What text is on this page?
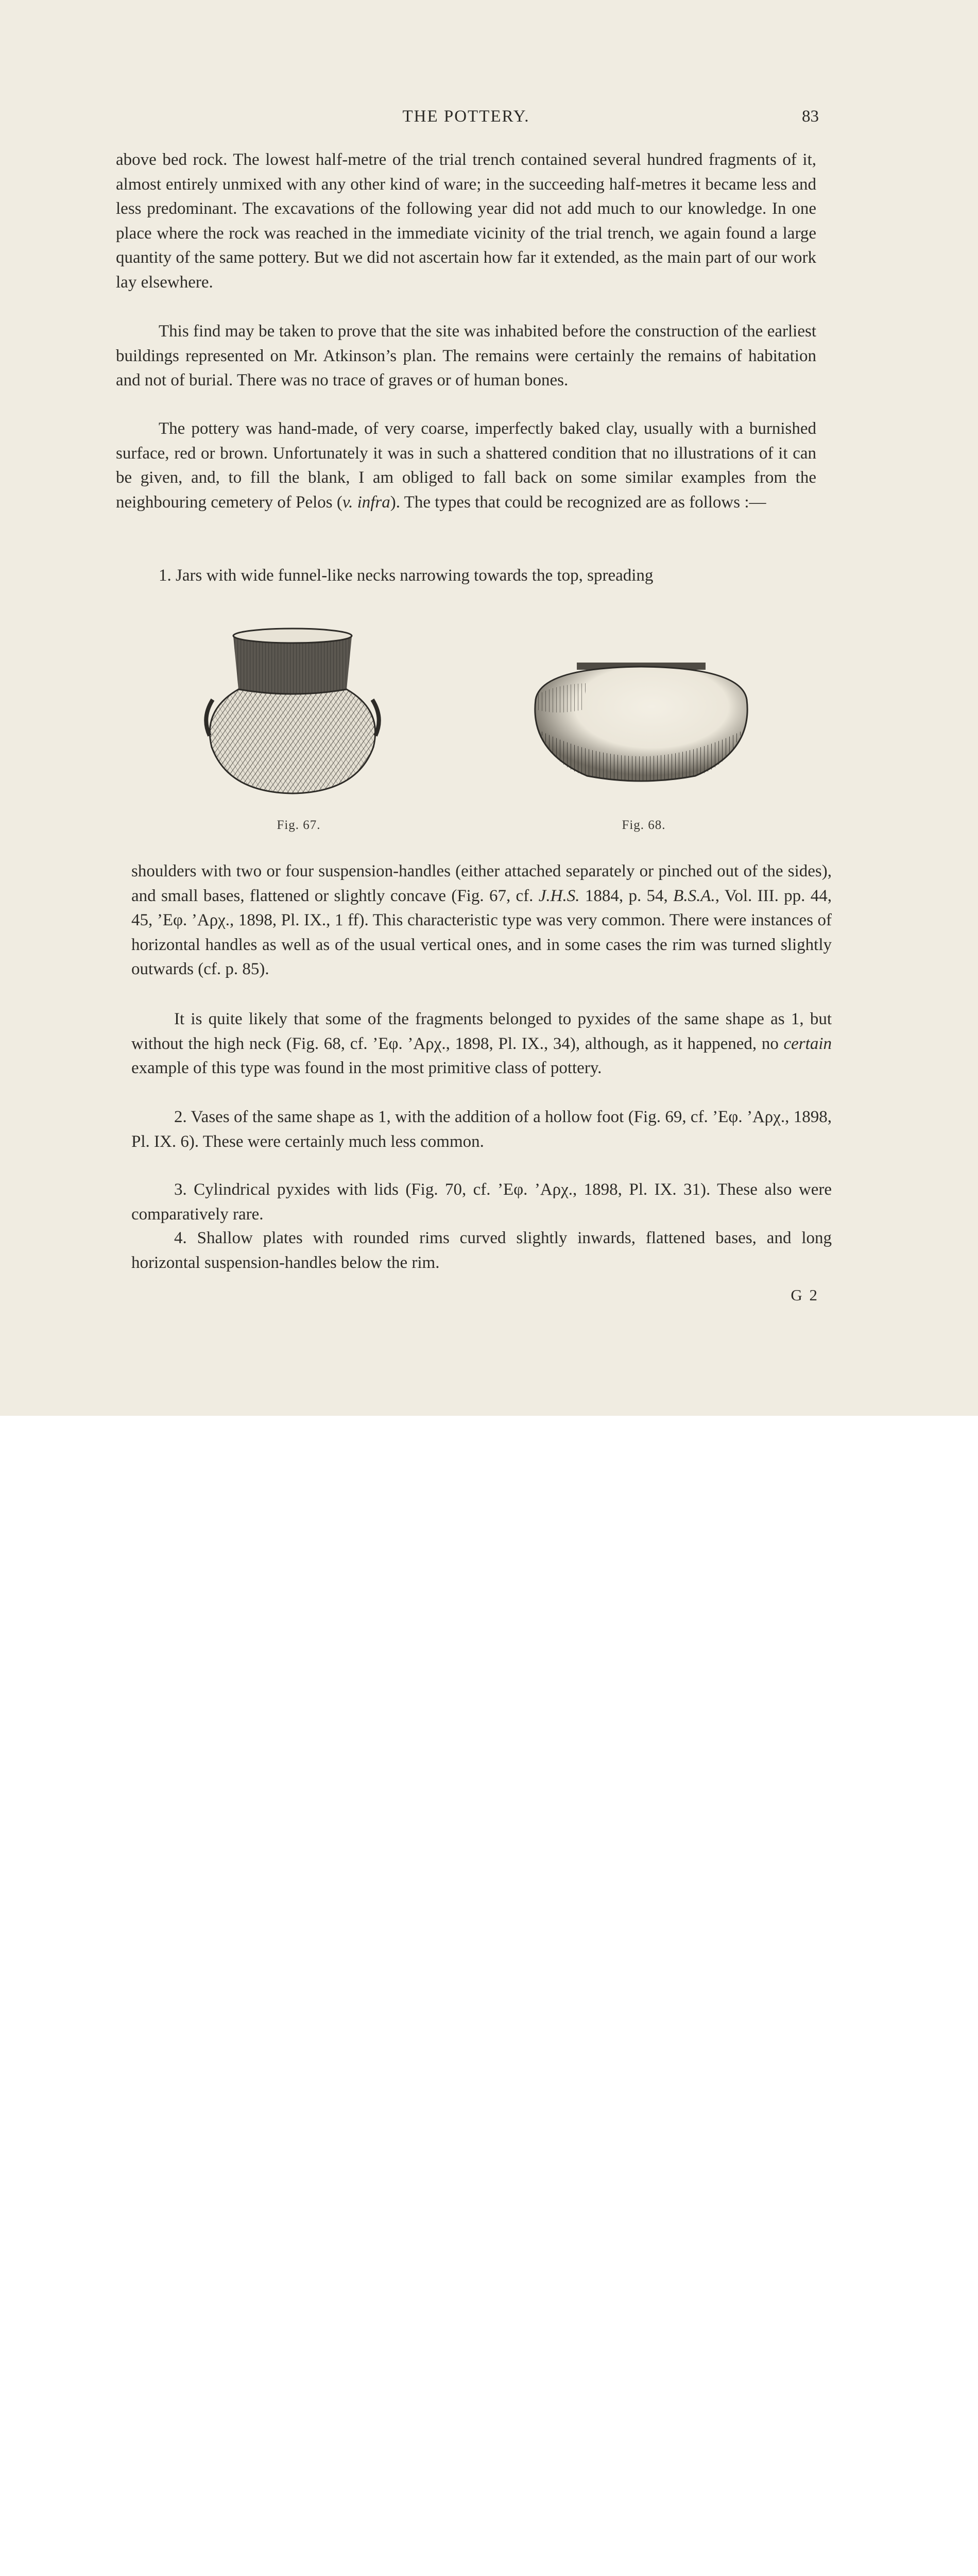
THE POTTERY.	83

above bed rock. The lowest half-metre of the trial trench contained several hundred fragments of it, almost entirely unmixed with any other kind of ware; in the succeeding half-metres it became less and less predominant. The excavations of the following year did not add much to our knowledge. In one place where the rock was reached in the immediate vicinity of the trial trench, we again found a large quantity of the same pottery. But we did not ascertain how far it extended, as the main part of our work lay elsewhere.

This find may be taken to prove that the site was inhabited before the construction of the earliest buildings represented on Mr. Atkinson’s plan. The remains were certainly the remains of habitation and not of burial. There was no trace of graves or of human bones.

The pottery was hand-made, of very coarse, imperfectly baked clay, usually with a burnished surface, red or brown. Unfortunately it was in such a shattered condition that no illustrations of it can be given, and, to fill the blank, I am obliged to fall back on some similar examples from the neighbouring cemetery of Pelos (v. infra). The types that could be recognized are as follows :—

1. Jars with wide funnel-like necks narrowing towards the top, spreading

Fig. 67.	Fig. 68.

shoulders with two or four suspension-handles (either attached separately or pinched out of the sides), and small bases, flattened or slightly concave (Fig. 67, cf. J.H.S. 1884, p. 54, B.S.A., Vol. III. pp. 44, 45, ’Εφ. ’Αρχ., 1898, Pl. IX., 1 ff). This characteristic type was very common. There were instances of horizontal handles as well as of the usual vertical ones, and in some cases the rim was turned slightly outwards (cf. p. 85).

It is quite likely that some of the fragments belonged to pyxides of the same shape as 1, but without the high neck (Fig. 68, cf. ’Εφ. ’Αρχ., 1898, Pl. IX., 34), although, as it happened, no certain example of this type was found in the most primitive class of pottery.

2. Vases of the same shape as 1, with the addition of a hollow foot (Fig. 69, cf. ’Εφ. ’Αρχ., 1898, Pl. IX. 6). These were certainly much less common.

3. Cylindrical pyxides with lids (Fig. 70, cf. ’Εφ. ’Αρχ., 1898, Pl. IX. 31). These also were comparatively rare.

4. Shallow plates with rounded rims curved slightly inwards, flattened bases, and long horizontal suspension-handles below the rim.

G 2
